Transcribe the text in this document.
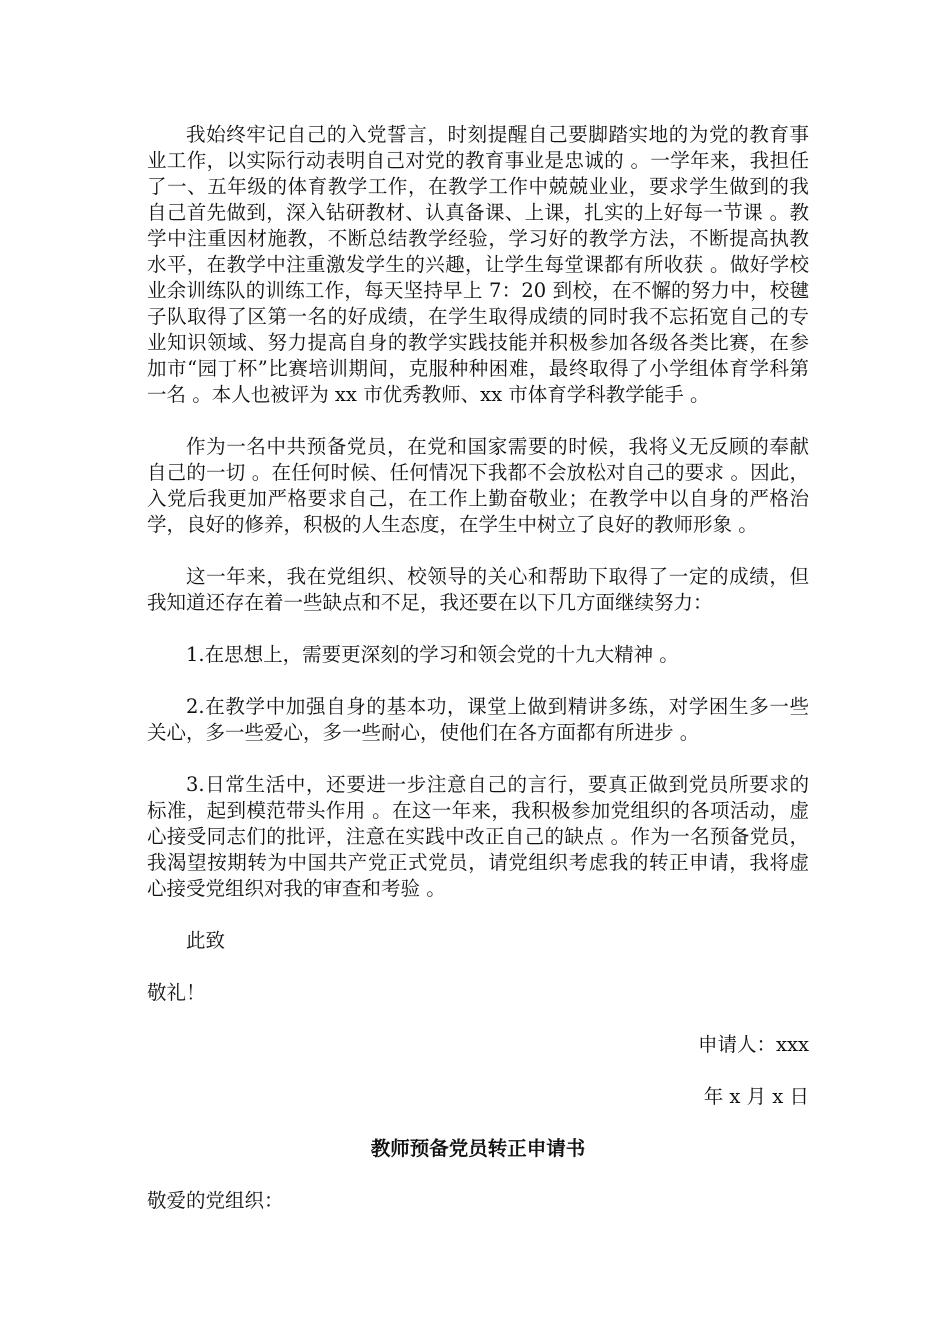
我始终牢记自己的入党誓言，时刻提醒自己要脚踏实地的为党的教育事业工作，以实际行动表明自己对党的教育事业是忠诚的 。一学年来，我担任了一、五年级的体育教学工作，在教学工作中兢兢业业，要求学生做到的我自己首先做到，深入钻研教材、认真备课、上课，扎实的上好每一节课 。教学中注重因材施教，不断总结教学经验，学习好的教学方法，不断提高执教水平，在教学中注重激发学生的兴趣，让学生每堂课都有所收获 。做好学校业余训练队的训练工作，每天坚持早上 7：20 到校，在不懈的努力中，校毽子队取得了区第一名的好成绩，在学生取得成绩的同时我不忘拓宽自己的专业知识领域、努力提高自身的教学实践技能并积极参加各级各类比赛，在参加市“园丁杯”比赛培训期间，克服种种困难，最终取得了小学组体育学科第一名 。本人也被评为 xx 市优秀教师、xx 市体育学科教学能手 。

作为一名中共预备党员，在党和国家需要的时候，我将义无反顾的奉献自己的一切 。在任何时候、任何情况下我都不会放松对自己的要求 。因此，入党后我更加严格要求自己，在工作上勤奋敬业；在教学中以自身的严格治学，良好的修养，积极的人生态度，在学生中树立了良好的教师形象 。

这一年来，我在党组织、校领导的关心和帮助下取得了一定的成绩，但我知道还存在着一些缺点和不足，我还要在以下几方面继续努力：

1.在思想上，需要更深刻的学习和领会党的十九大精神 。

2.在教学中加强自身的基本功，课堂上做到精讲多练，对学困生多一些关心，多一些爱心，多一些耐心，使他们在各方面都有所进步 。

3.日常生活中，还要进一步注意自己的言行，要真正做到党员所要求的标准，起到模范带头作用 。在这一年来，我积极参加党组织的各项活动，虚心接受同志们的批评，注意在实践中改正自己的缺点 。作为一名预备党员，我渴望按期转为中国共产党正式党员，请党组织考虑我的转正申请，我将虚心接受党组织对我的审查和考验 。

此致

敬礼！

申请人：xxx

年 x 月 x 日

教师预备党员转正申请书

敬爱的党组织：
